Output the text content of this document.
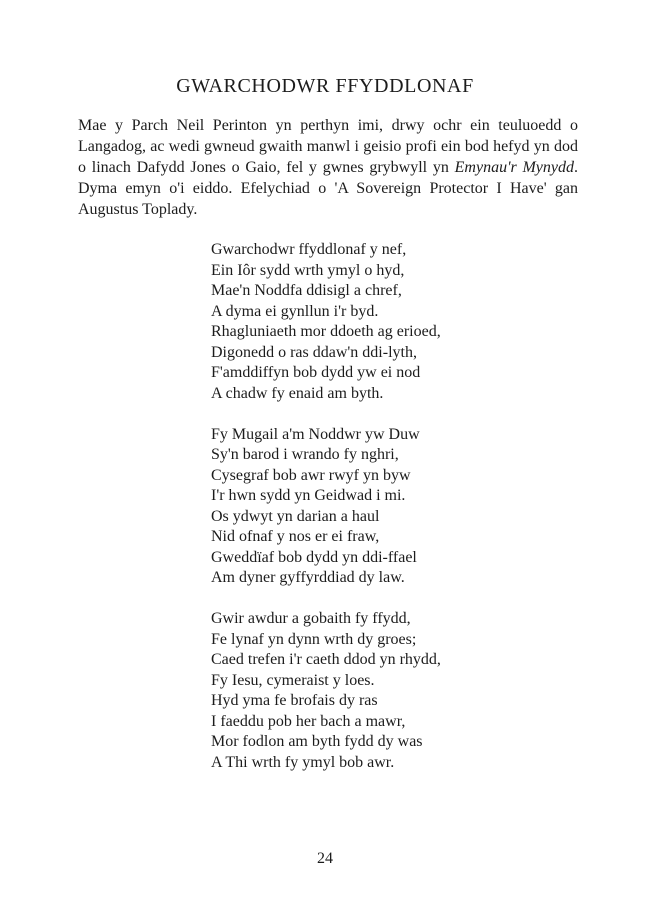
GWARCHODWR FFYDDLONAF

Mae y Parch Neil Perinton yn perthyn imi, drwy ochr ein teuluoedd o Langadog, ac wedi gwneud gwaith manwl i geisio profi ein bod hefyd yn dod o linach Dafydd Jones o Gaio, fel y gwnes grybwyll yn Emynau'r Mynydd. Dyma emyn o'i eiddo. Efelychiad o 'A Sovereign Protector I Have' gan Augustus Toplady.

Gwarchodwr ffyddlonaf y nef,
Ein Iôr sydd wrth ymyl o hyd,
Mae'n Noddfa ddisigl a chref,
A dyma ei gynllun i'r byd.
Rhagluniaeth mor ddoeth ag erioed,
Digonedd o ras ddaw'n ddi-lyth,
F'amddiffyn bob dydd yw ei nod
A chadw fy enaid am byth.
Fy Mugail a'm Noddwr yw Duw
Sy'n barod i wrando fy nghri,
Cysegraf bob awr rwyf yn byw
I'r hwn sydd yn Geidwad i mi.
Os ydwyt yn darian a haul
Nid ofnaf y nos er ei fraw,
Gweddïaf bob dydd yn ddi-ffael
Am dyner gyffyrddiad dy law.
Gwir awdur a gobaith fy ffydd,
Fe lynaf yn dynn wrth dy groes;
Caed trefen i'r caeth ddod yn rhydd,
Fy Iesu, cymeraist y loes.
Hyd yma fe brofais dy ras
I faeddu pob her bach a mawr,
Mor fodlon am byth fydd dy was
A Thi wrth fy ymyl bob awr.
24
